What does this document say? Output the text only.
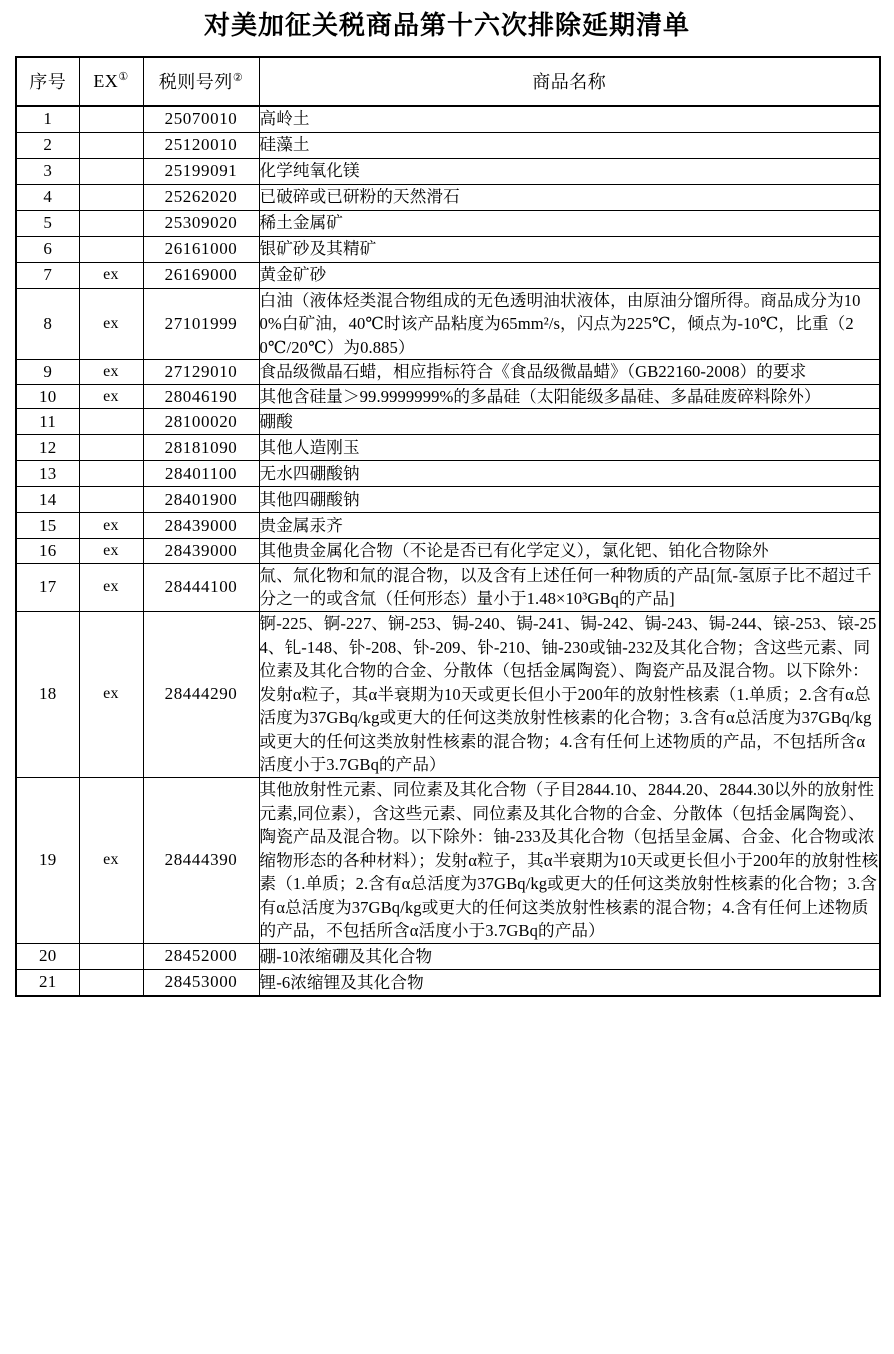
对美加征关税商品第十六次排除延期清单
序号	EX①	税则号列②	商品名称
1		25070010	高岭土
2		25120010	硅藻土
3		25199091	化学纯氧化镁
4		25262020	已破碎或已研粉的天然滑石
5		25309020	稀土金属矿
6		26161000	银矿砂及其精矿
7	ex	26169000	黄金矿砂
8	ex	27101999	白油（液体烃类混合物组成的无色透明油状液体，由原油分馏所得。商品成分为100%白矿油，40℃时该产品粘度为65mm²/s，闪点为225℃，倾点为-10℃，比重（20℃/20℃）为0.885）
9	ex	27129010	食品级微晶石蜡，相应指标符合《食品级微晶蜡》（GB22160-2008）的要求
10	ex	28046190	其他含硅量＞99.9999999%的多晶硅（太阳能级多晶硅、多晶硅废碎料除外）
11		28100020	硼酸
12		28181090	其他人造刚玉
13		28401100	无水四硼酸钠
14		28401900	其他四硼酸钠
15	ex	28439000	贵金属汞齐
16	ex	28439000	其他贵金属化合物（不论是否已有化学定义），氯化钯、铂化合物除外
17	ex	28444100	氚、氚化物和氚的混合物，以及含有上述任何一种物质的产品[氚-氢原子比不超过千分之一的或含氚（任何形态）量小于1.48×10³GBq的产品]
18	ex	28444290	锕-225、锕-227、锎-253、锔-240、锔-241、锔-242、锔-243、锔-244、锿-253、锿-254、钆-148、钋-208、钋-209、钋-210、铀-230或铀-232及其化合物；含这些元素、同位素及其化合物的合金、分散体（包括金属陶瓷）、陶瓷产品及混合物。以下除外：发射α粒子，其α半衰期为10天或更长但小于200年的放射性核素（1.单质；2.含有α总活度为37GBq/kg或更大的任何这类放射性核素的化合物；3.含有α总活度为37GBq/kg或更大的任何这类放射性核素的混合物；4.含有任何上述物质的产品，不包括所含α活度小于3.7GBq的产品）
19	ex	28444390	其他放射性元素、同位素及其化合物（子目2844.10、2844.20、2844.30以外的放射性元素,同位素），含这些元素、同位素及其化合物的合金、分散体（包括金属陶瓷）、陶瓷产品及混合物。以下除外：铀-233及其化合物（包括呈金属、合金、化合物或浓缩物形态的各种材料）；发射α粒子，其α半衰期为10天或更长但小于200年的放射性核素（1.单质；2.含有α总活度为37GBq/kg或更大的任何这类放射性核素的化合物；3.含有α总活度为37GBq/kg或更大的任何这类放射性核素的混合物；4.含有任何上述物质的产品，不包括所含α活度小于3.7GBq的产品）
20		28452000	硼-10浓缩硼及其化合物
21		28453000	锂-6浓缩锂及其化合物
